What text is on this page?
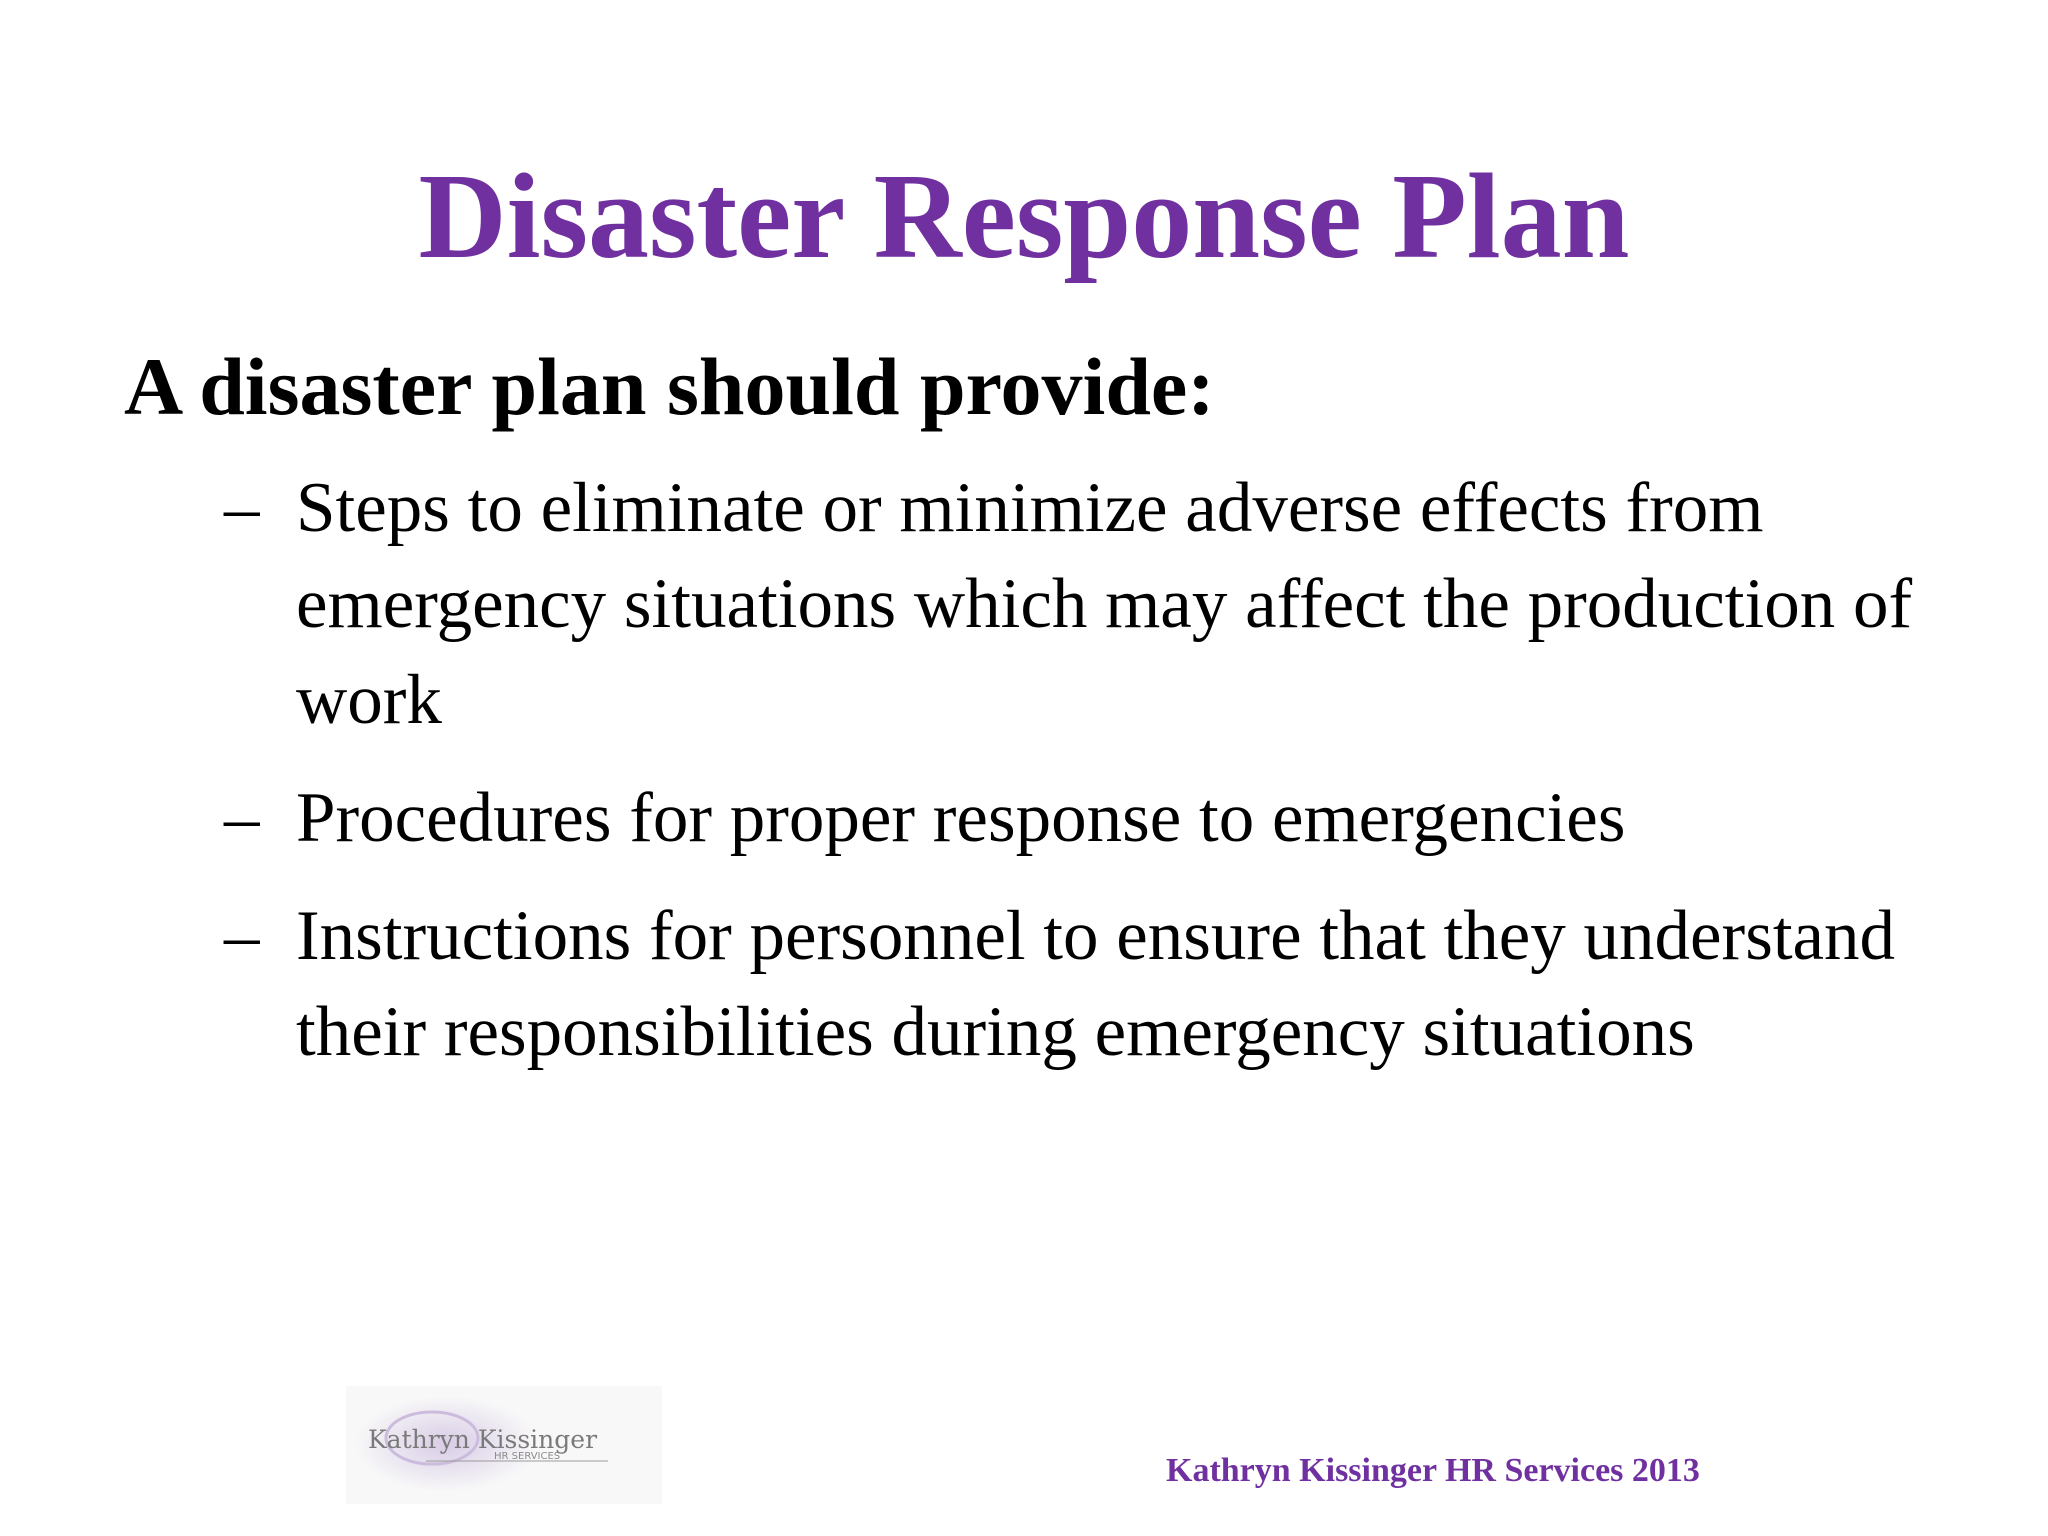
Disaster Response Plan

A disaster plan should provide:

– Steps to eliminate or minimize adverse effects from emergency situations which may affect the production of work
– Procedures for proper response to emergencies
– Instructions for personnel to ensure that they understand their responsibilities during emergency situations
Kathryn Kissinger
HR SERVICES	Kathryn Kissinger HR Services 2013
